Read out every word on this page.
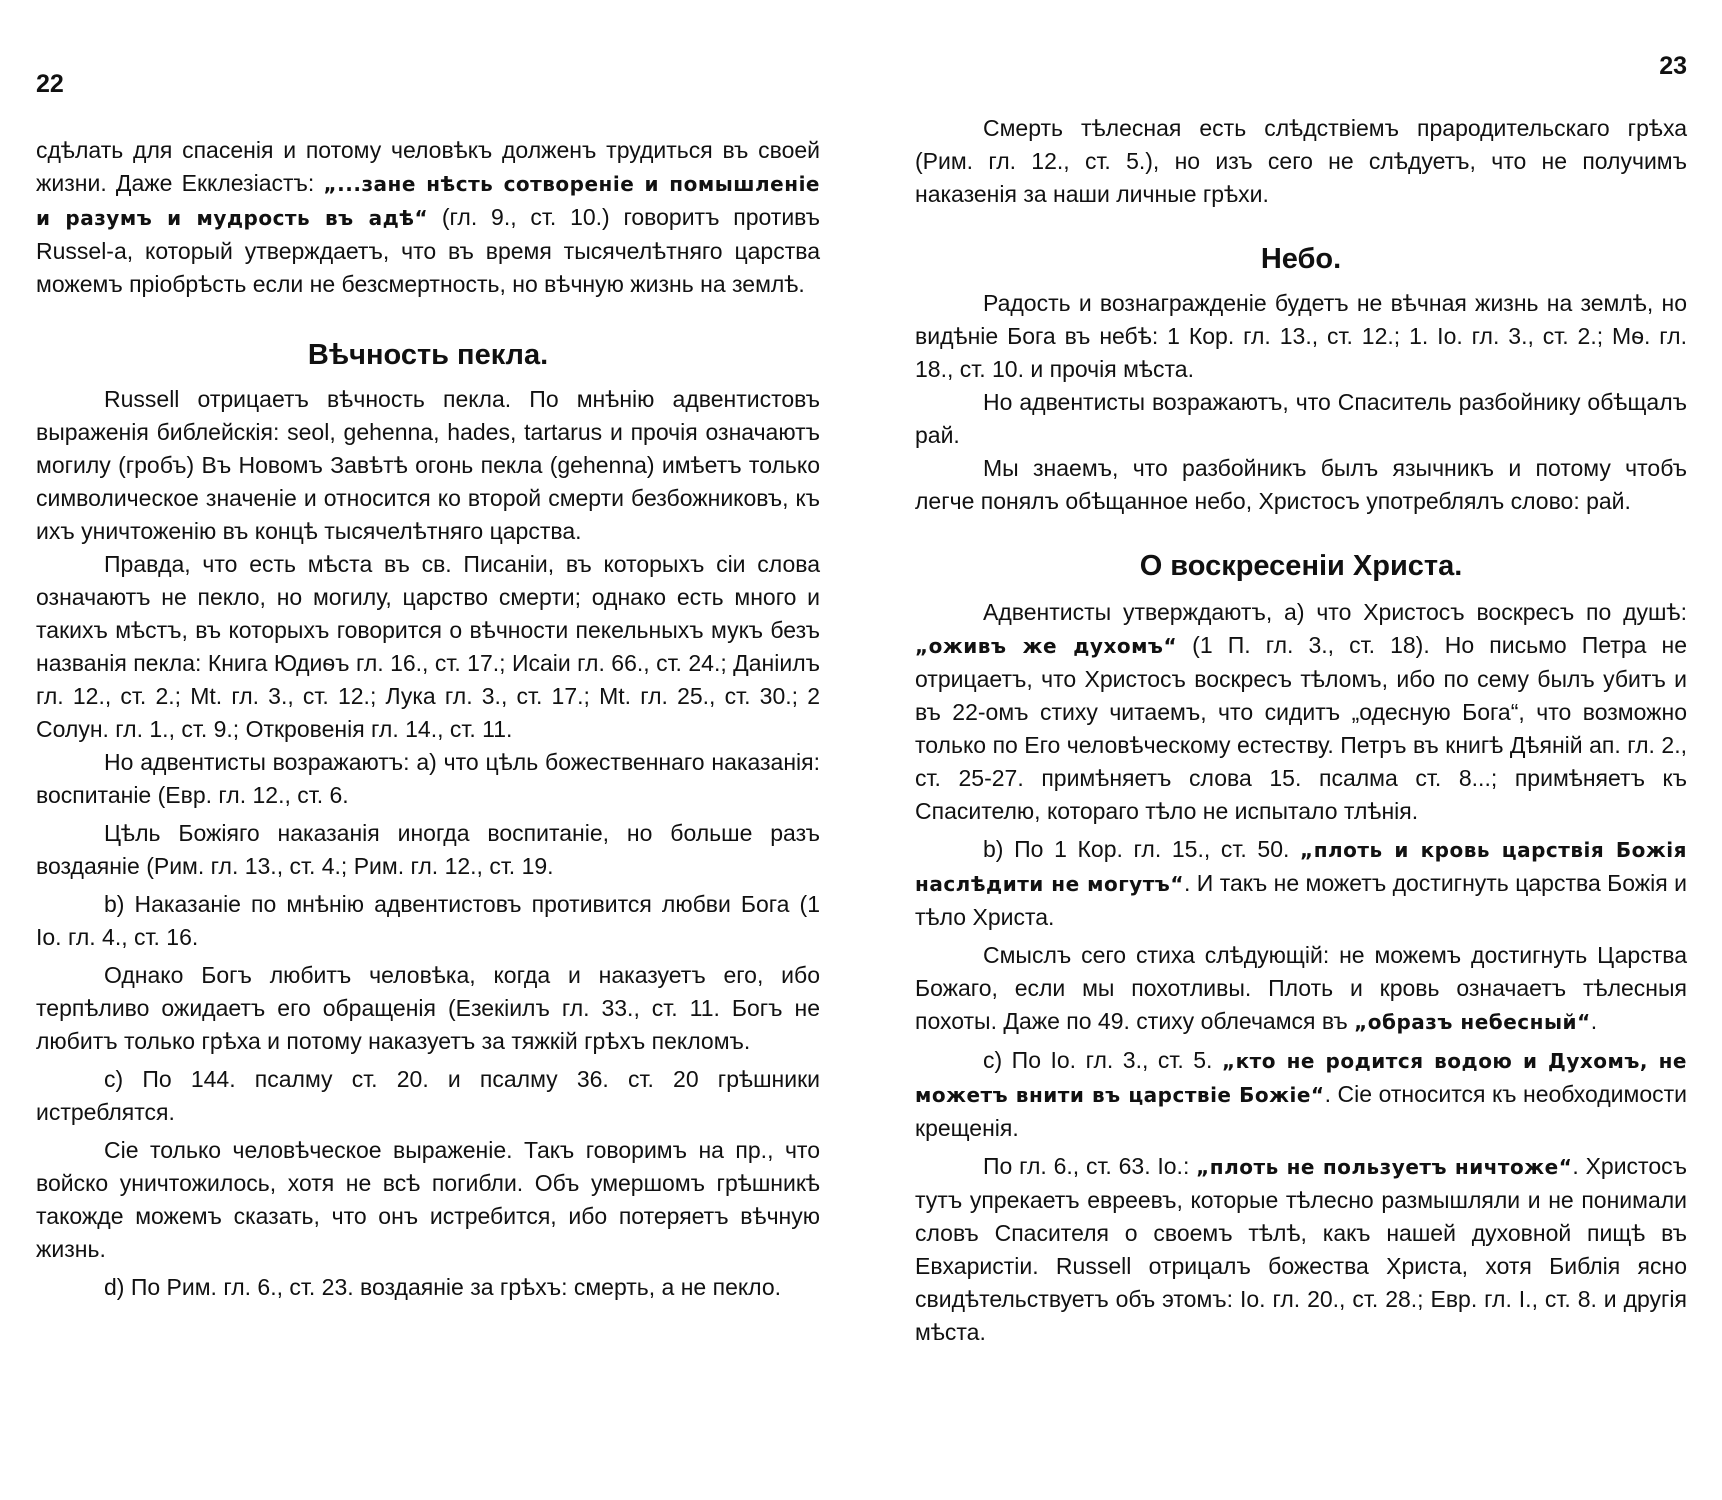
22

сдѣлать для спасенія и потому человѣкъ долженъ трудиться въ своей жизни. Даже Екклезіастъ: „...зане нѣсть сотвореніе и помышленіе и разумъ и мудрость въ адѣ“ (гл. 9., ст. 10.) говоритъ противъ Russel-a, который утверждаетъ, что въ время тысячелѣтняго царства можемъ пріобрѣсть если не безсмертность, но вѣчную жизнь на землѣ.

Вѣчность пекла.

Russell отрицаетъ вѣчность пекла. По мнѣнію адвентистовъ выраженія библейскія: seol, gehenna, hades, tartarus и прочія означаютъ могилу (гробъ) Въ Новомъ Завѣтѣ огонь пекла (gehenna) имѣетъ только символическое значеніе и относится ко второй смерти безбожниковъ, къ ихъ уничтоженію въ концѣ тысячелѣтняго царства.

Правда, что есть мѣста въ св. Писаніи, въ которыхъ сіи слова означаютъ не пекло, но могилу, царство смерти; однако есть много и такихъ мѣстъ, въ которыхъ говорится о вѣчности пекельныхъ мукъ безъ названія пекла: Книга Юдиѳъ гл. 16., ст. 17.; Исаіи гл. 66., ст. 24.; Даніилъ гл. 12., ст. 2.; Mt. гл. 3., ст. 12.; Лука гл. 3., ст. 17.; Mt. гл. 25., ст. 30.; 2 Солун. гл. 1., ст. 9.; Откровенія гл. 14., ст. 11.

Но адвентисты возражаютъ: a) что цѣль божественнаго наказанія: воспитаніе (Евр. гл. 12., ст. 6.

Цѣль Божіяго наказанія иногда воспитаніе, но больше разъ воздаяніе (Рим. гл. 13., ст. 4.; Рим. гл. 12., ст. 19.

b) Наказаніе по мнѣнію адвентистовъ противится любви Бога (1 Io. гл. 4., ст. 16.

Однако Богъ любитъ человѣка, когда и наказуетъ его, ибо терпѣливо ожидаетъ его обращенія (Езекіилъ гл. 33., ст. 11. Богъ не любитъ только грѣха и потому наказуетъ за тяжкій грѣхъ пекломъ.

c) По 144. псалму ст. 20. и псалму 36. ст. 20 грѣшники истреблятся.

Сіе только человѣческое выраженіе. Такъ говоримъ на пр., что войско уничтожилось, хотя не всѣ погибли. Объ умершомъ грѣшникѣ такожде можемъ сказать, что онъ истребится, ибо потеряетъ вѣчную жизнь.

d) По Рим. гл. 6., ст. 23. воздаяніе за грѣхъ: смерть, а не пекло.

23

Смерть тѣлесная есть слѣдствіемъ прародительскаго грѣха (Рим. гл. 12., ст. 5.), но изъ сего не слѣдуетъ, что не получимъ наказенія за наши личные грѣхи.

Небо.

Радость и вознагражденіе будетъ не вѣчная жизнь на землѣ, но видѣніе Бога въ небѣ: 1 Кор. гл. 13., ст. 12.; 1. Io. гл. 3., ст. 2.; Мѳ. гл. 18., ст. 10. и прочія мѣста.

Но адвентисты возражаютъ, что Спаситель разбойнику обѣщалъ рай.

Мы знаемъ, что разбойникъ былъ язычникъ и потому чтобъ легче понялъ обѣщанное небо, Христосъ употреблялъ слово: рай.

О воскресеніи Христа.

Адвентисты утверждаютъ, a) что Христосъ воскресъ по душѣ: „оживъ же духомъ“ (1 П. гл. 3., ст. 18). Но письмо Петра не отрицаетъ, что Христосъ воскресъ тѣломъ, ибо по сему былъ убитъ и въ 22-омъ стиху читаемъ, что сидитъ „одесную Бога“, что возможно только по Его человѣческому естеству. Петръ въ книгѣ Дѣяній ап. гл. 2., ст. 25-27. примѣняетъ слова 15. псалма ст. 8...; примѣняетъ къ Спасителю, котораго тѣло не испытало тлѣнія.

b) По 1 Кор. гл. 15., ст. 50. „плоть и кровь царствія Божія наслѣдити не могутъ“. И такъ не можетъ достигнуть царства Божія и тѣло Христа.

Смыслъ сего стиха слѣдующій: не можемъ достигнуть Царства Божаго, если мы похотливы. Плоть и кровь означаетъ тѣлесныя похоты. Даже по 49. стиху облечамся въ „образъ небесный“.

c) По Io. гл. 3., ст. 5. „кто не родится водою и Духомъ, не можетъ внити въ царствіе Божіе“. Сіе относится къ необходимости крещенія.

По гл. 6., ст. 63. Io.: „плоть не пользуетъ ничтоже“. Христосъ тутъ упрекаетъ евреевъ, которые тѣлесно размышляли и не понимали словъ Спасителя о своемъ тѣлѣ, какъ нашей духовной пищѣ въ Евхаристіи. Russell отрицалъ божества Христа, хотя Библія ясно свидѣтельствуетъ объ этомъ: Io. гл. 20., ст. 28.; Евр. гл. I., ст. 8. и другія мѣста.
